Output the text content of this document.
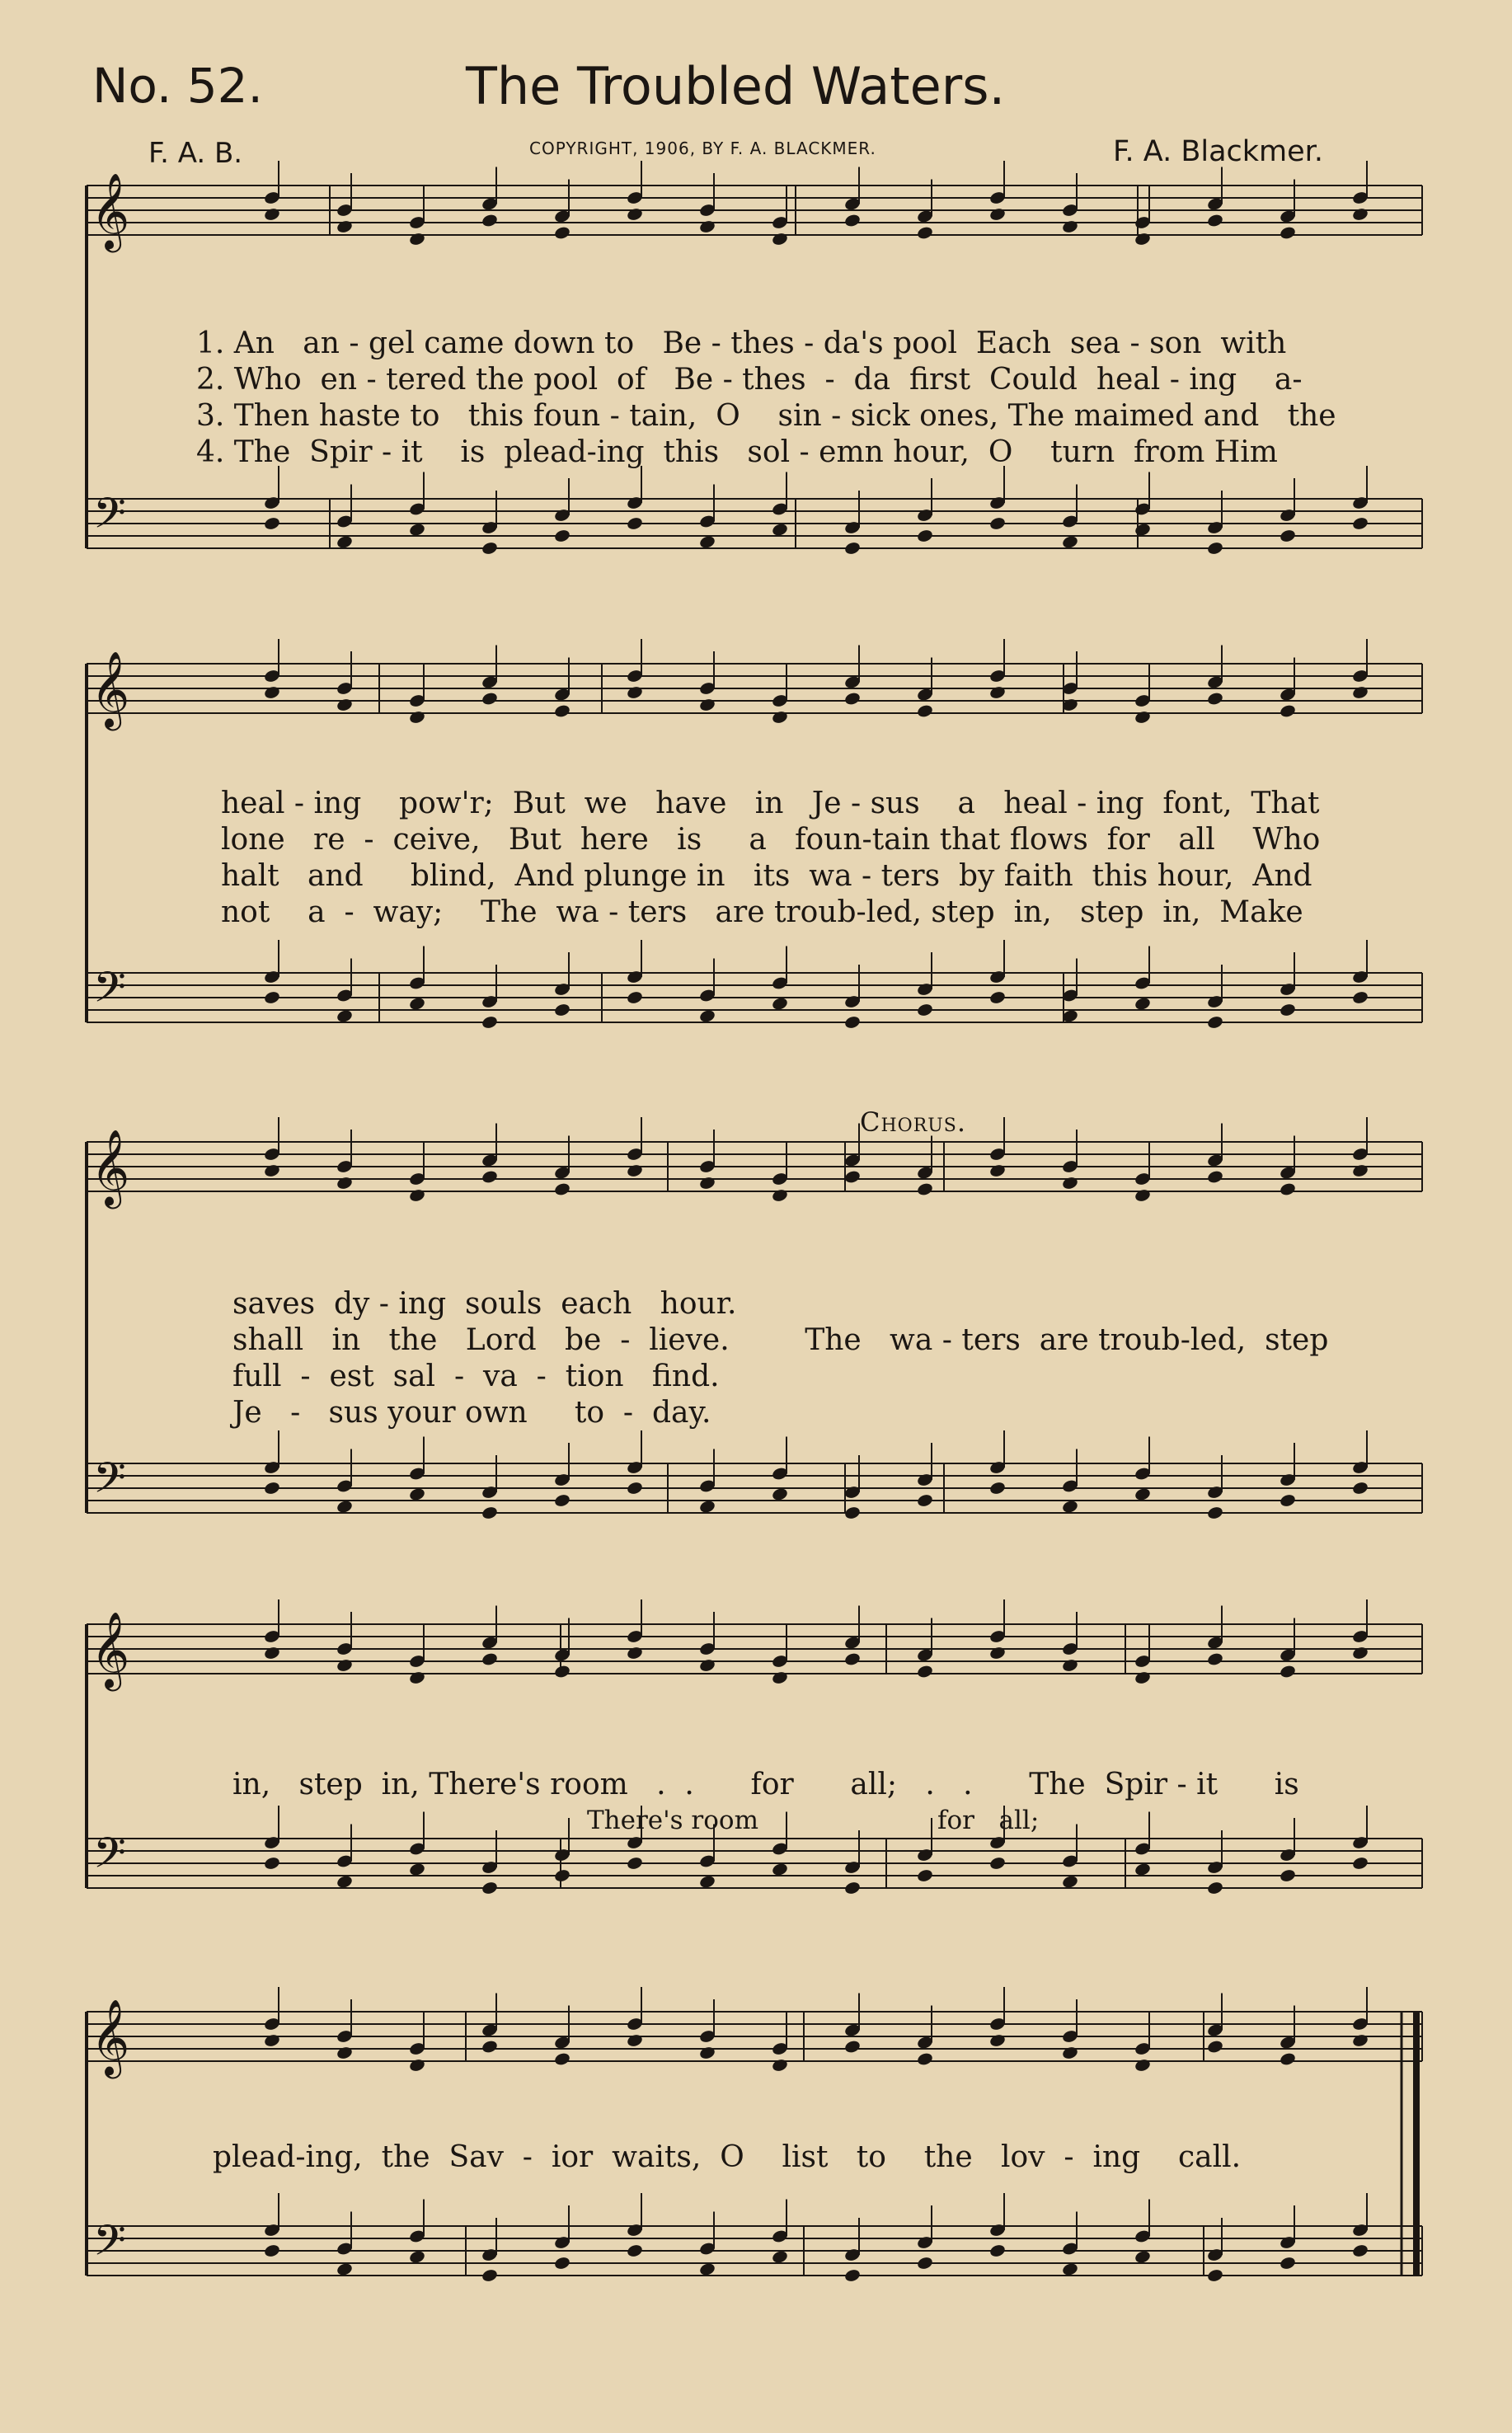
No. 52.	The Troubled Waters.
F. A. B.	COPYRIGHT, 1906, BY F. A. BLACKMER.	F. A. Blackmer.
𝄞
𝄢
𝄞
𝄢
𝄞
𝄢
𝄞
𝄢
𝄞
𝄢
1. An   an - gel came down to   Be - thes - da's pool  Each  sea - son  with
2. Who  en - tered the pool  of   Be - thes  -  da  first  Could  heal - ing    a-
3. Then haste to   this foun - tain,  O    sin - sick ones, The maimed and   the
4. The  Spir - it    is  plead-ing  this   sol - emn hour,  O    turn  from Him
heal - ing    pow'r;  But  we   have   in   Je - sus    a   heal - ing  font,  That
lone   re  -  ceive,   But  here   is     a   foun-tain that flows  for   all    Who
halt   and     blind,  And plunge in   its  wa - ters  by faith  this hour,  And
not    a  -  way;    The  wa - ters   are troub-led, step  in,   step  in,  Make
Chorus.
saves  dy - ing  souls  each   hour.
shall   in   the   Lord   be  -  lieve.        The   wa - ters  are troub-led,  step
full  -  est  sal  -  va  -  tion   find.
Je   -   sus your own     to  -  day.
in,   step  in, There's room   .  .      for      all;   .   .      The  Spir - it      is
There's room	for   all;
plead-ing,  the  Sav  -  ior  waits,  O    list   to    the   lov  -  ing    call.
